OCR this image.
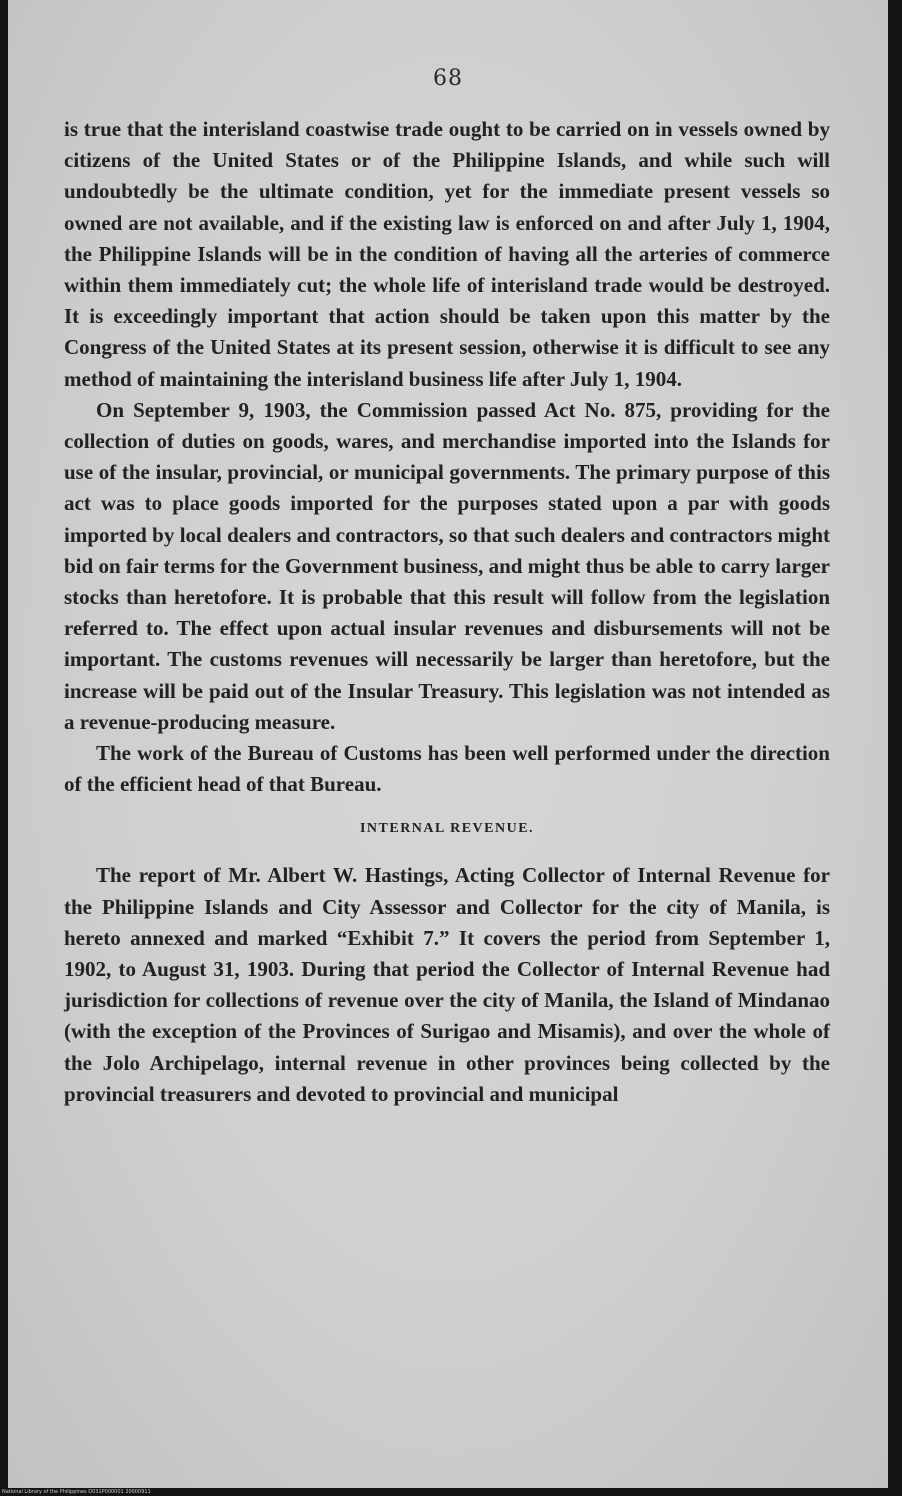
68

is true that the interisland coastwise trade ought to be carried on in vessels owned by citizens of the United States or of the Philippine Islands, and while such will undoubtedly be the ultimate condition, yet for the immediate present vessels so owned are not available, and if the existing law is enforced on and after July 1, 1904, the Philippine Islands will be in the condition of having all the arteries of commerce within them immediately cut; the whole life of interisland trade would be destroyed. It is exceedingly important that action should be taken upon this matter by the Congress of the United States at its present session, otherwise it is difficult to see any method of maintaining the interisland business life after July 1, 1904.

On September 9, 1903, the Commission passed Act No. 875, providing for the collection of duties on goods, wares, and merchandise imported into the Islands for use of the insular, provincial, or municipal governments. The primary purpose of this act was to place goods imported for the purposes stated upon a par with goods imported by local dealers and contractors, so that such dealers and contractors might bid on fair terms for the Government business, and might thus be able to carry larger stocks than heretofore. It is probable that this result will follow from the legislation referred to. The effect upon actual insular revenues and disbursements will not be important. The customs revenues will necessarily be larger than heretofore, but the increase will be paid out of the Insular Treasury. This legislation was not intended as a revenue-producing measure.

The work of the Bureau of Customs has been well performed under the direction of the efficient head of that Bureau.

INTERNAL REVENUE.

The report of Mr. Albert W. Hastings, Acting Collector of Internal Revenue for the Philippine Islands and City Assessor and Collector for the city of Manila, is hereto annexed and marked “Exhibit 7.” It covers the period from September 1, 1902, to August 31, 1903. During that period the Collector of Internal Revenue had jurisdiction for collections of revenue over the city of Manila, the Island of Mindanao (with the exception of the Provinces of Surigao and Misamis), and over the whole of the Jolo Archipelago, internal revenue in other provinces being collected by the provincial treasurers and devoted to provincial and municipal

National Library of the Philippines D031P000001 20000911
